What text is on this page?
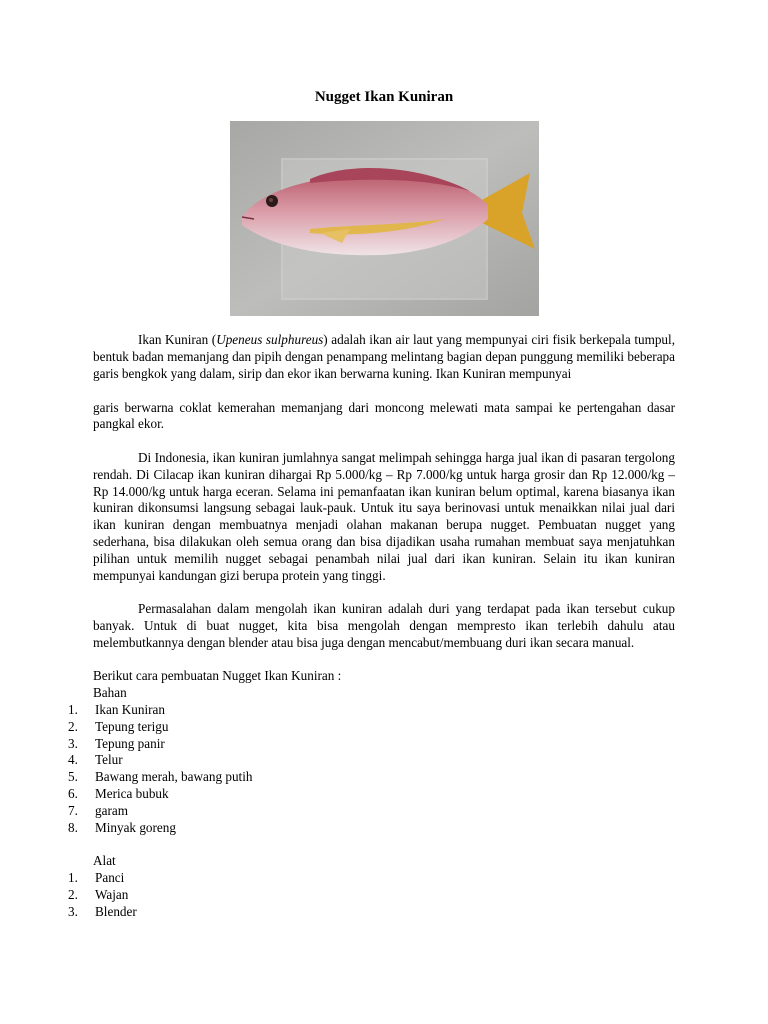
Nugget Ikan Kuniran

Ikan Kuniran (Upeneus sulphureus) adalah ikan air laut yang mempunyai ciri fisik berkepala tumpul, bentuk badan memanjang dan pipih dengan penampang melintang bagian depan punggung memiliki beberapa garis bengkok yang dalam, sirip dan ekor ikan berwarna kuning. Ikan Kuniran mempunyai

garis berwarna coklat kemerahan memanjang dari moncong melewati mata sampai ke pertengahan dasar pangkal ekor.

Di Indonesia, ikan kuniran jumlahnya sangat melimpah sehingga harga jual ikan di pasaran tergolong rendah. Di Cilacap ikan kuniran dihargai Rp 5.000/kg – Rp 7.000/kg untuk harga grosir dan Rp 12.000/kg – Rp 14.000/kg untuk harga eceran. Selama ini pemanfaatan ikan kuniran belum optimal, karena biasanya ikan kuniran dikonsumsi langsung sebagai lauk-pauk. Untuk itu saya berinovasi untuk menaikkan nilai jual dari ikan kuniran dengan membuatnya menjadi olahan makanan berupa nugget. Pembuatan nugget yang sederhana, bisa dilakukan oleh semua orang dan bisa dijadikan usaha rumahan membuat saya menjatuhkan pilihan untuk memilih nugget sebagai penambah nilai jual dari ikan kuniran. Selain itu ikan kuniran mempunyai kandungan gizi berupa protein yang tinggi.

Permasalahan dalam mengolah ikan kuniran adalah duri yang terdapat pada ikan tersebut cukup banyak. Untuk di buat nugget, kita bisa mengolah dengan mempresto ikan terlebih dahulu atau melembutkannya dengan blender atau bisa juga dengan mencabut/membuang duri ikan secara manual.

Berikut cara pembuatan Nugget Ikan Kuniran :
Bahan
1. Ikan Kuniran
2. Tepung terigu
3. Tepung panir
4. Telur
5. Bawang merah, bawang putih
6. Merica bubuk
7. garam
8. Minyak goreng
Alat
1. Panci
2. Wajan
3. Blender
